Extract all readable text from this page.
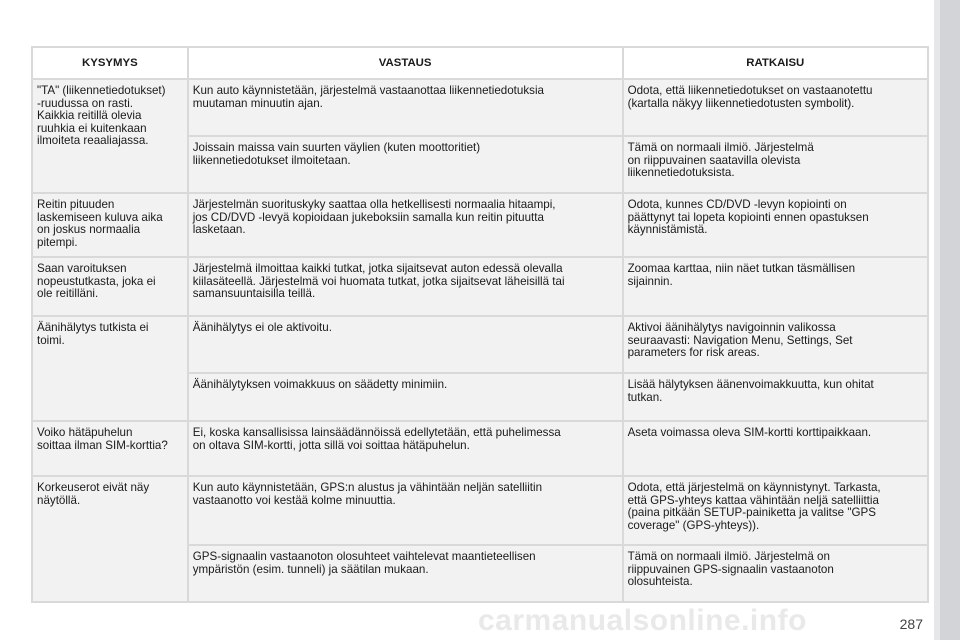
KYSYMYS	VASTAUS	RATKAISU

"TA" (liikennetiedotukset)
-ruudussa on rasti.
Kaikkia reitillä olevia
ruuhkia ei kuitenkaan
ilmoiteta reaaliajassa.	Kun auto käynnistetään, järjestelmä vastaanottaa liikennetiedotuksia
muutaman minuutin ajan.	Odota, että liikennetiedotukset on vastaanotettu
(kartalla näkyy liikennetiedotusten symbolit).

	Joissain maissa vain suurten väylien (kuten moottoritiet)
liikennetiedotukset ilmoitetaan.	Tämä on normaali ilmiö. Järjestelmä
on riippuvainen saatavilla olevista
liikennetiedotuksista.

Reitin pituuden
laskemiseen kuluva aika
on joskus normaalia
pitempi.	Järjestelmän suorituskyky saattaa olla hetkellisesti normaalia hitaampi,
jos CD/DVD -levyä kopioidaan jukeboksiin samalla kun reitin pituutta
lasketaan.	Odota, kunnes CD/DVD -levyn kopiointi on
päättynyt tai lopeta kopiointi ennen opastuksen
käynnistämistä.

Saan varoituksen
nopeustutkasta, joka ei
ole reitilläni.	Järjestelmä ilmoittaa kaikki tutkat, jotka sijaitsevat auton edessä olevalla
kiilasäteellä. Järjestelmä voi huomata tutkat, jotka sijaitsevat läheisillä tai
samansuuntaisilla teillä.	Zoomaa karttaa, niin näet tutkan täsmällisen
sijainnin.

Äänihälytys tutkista ei
toimi.	Äänihälytys ei ole aktivoitu.	Aktivoi äänihälytys navigoinnin valikossa
seuraavasti: Navigation Menu, Settings, Set
parameters for risk areas.

	Äänihälytyksen voimakkuus on säädetty minimiin.	Lisää hälytyksen äänenvoimakkuutta, kun ohitat
tutkan.

Voiko hätäpuhelun
soittaa ilman SIM-korttia?	Ei, koska kansallisissa lainsäädännöissä edellytetään, että puhelimessa
on oltava SIM-kortti, jotta sillä voi soittaa hätäpuhelun.	Aseta voimassa oleva SIM-kortti korttipaikkaan.

Korkeuserot eivät näy
näytöllä.	Kun auto käynnistetään, GPS:n alustus ja vähintään neljän satelliitin
vastaanotto voi kestää kolme minuuttia.	Odota, että järjestelmä on käynnistynyt. Tarkasta,
että GPS-yhteys kattaa vähintään neljä satelliittia
(paina pitkään SETUP-painiketta ja valitse "GPS
coverage" (GPS-yhteys)).

	GPS-signaalin vastaanoton olosuhteet vaihtelevat maantieteellisen
ympäristön (esim. tunneli) ja säätilan mukaan.	Tämä on normaali ilmiö. Järjestelmä on
riippuvainen GPS-signaalin vastaanoton
olosuhteista.
carmanualsonline.info	287
